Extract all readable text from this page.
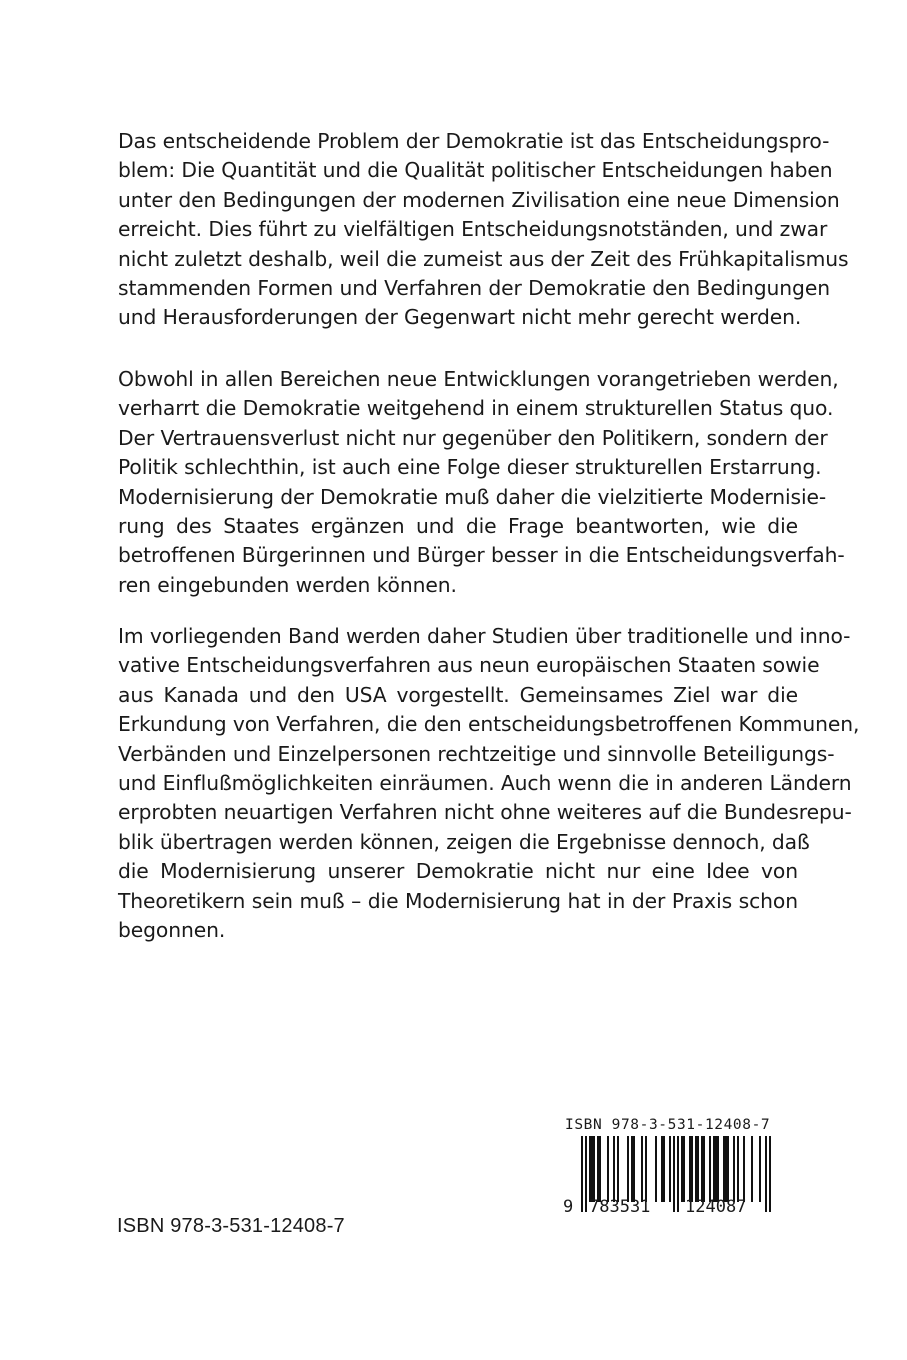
Das entscheidende Problem der Demokratie ist das Entscheidungspro-
blem: Die Quantität und die Qualität politischer Entscheidungen haben
unter den Bedingungen der modernen Zivilisation eine neue Dimension
erreicht. Dies führt zu vielfältigen Entscheidungsnotständen, und zwar
nicht zuletzt deshalb, weil die zumeist aus der Zeit des Frühkapitalismus
stammenden Formen und Verfahren der Demokratie den Bedingungen
und Herausforderungen der Gegenwart nicht mehr gerecht werden.
Obwohl in allen Bereichen neue Entwicklungen vorangetrieben werden,
verharrt die Demokratie weitgehend in einem strukturellen Status quo.
Der Vertrauensverlust nicht nur gegenüber den Politikern, sondern der
Politik schlechthin, ist auch eine Folge dieser strukturellen Erstarrung.
Modernisierung der Demokratie muß daher die vielzitierte Modernisie-
rung des Staates ergänzen und die Frage beantworten, wie die
betroffenen Bürgerinnen und Bürger besser in die Entscheidungsverfah-
ren eingebunden werden können.
Im vorliegenden Band werden daher Studien über traditionelle und inno-
vative Entscheidungsverfahren aus neun europäischen Staaten sowie
aus Kanada und den USA vorgestellt. Gemeinsames Ziel war die
Erkundung von Verfahren, die den entscheidungsbetroffenen Kommunen,
Verbänden und Einzelpersonen rechtzeitige und sinnvolle Beteiligungs-
und Einflußmöglichkeiten einräumen. Auch wenn die in anderen Ländern
erprobten neuartigen Verfahren nicht ohne weiteres auf die Bundesrepu-
blik übertragen werden können, zeigen die Ergebnisse dennoch, daß
die Modernisierung unserer Demokratie nicht nur eine Idee von
Theoretikern sein muß – die Modernisierung hat in der Praxis schon
begonnen.
ISBN 978-3-531-12408-7
ISBN 978-3-531-12408-7
9 783531 124087
